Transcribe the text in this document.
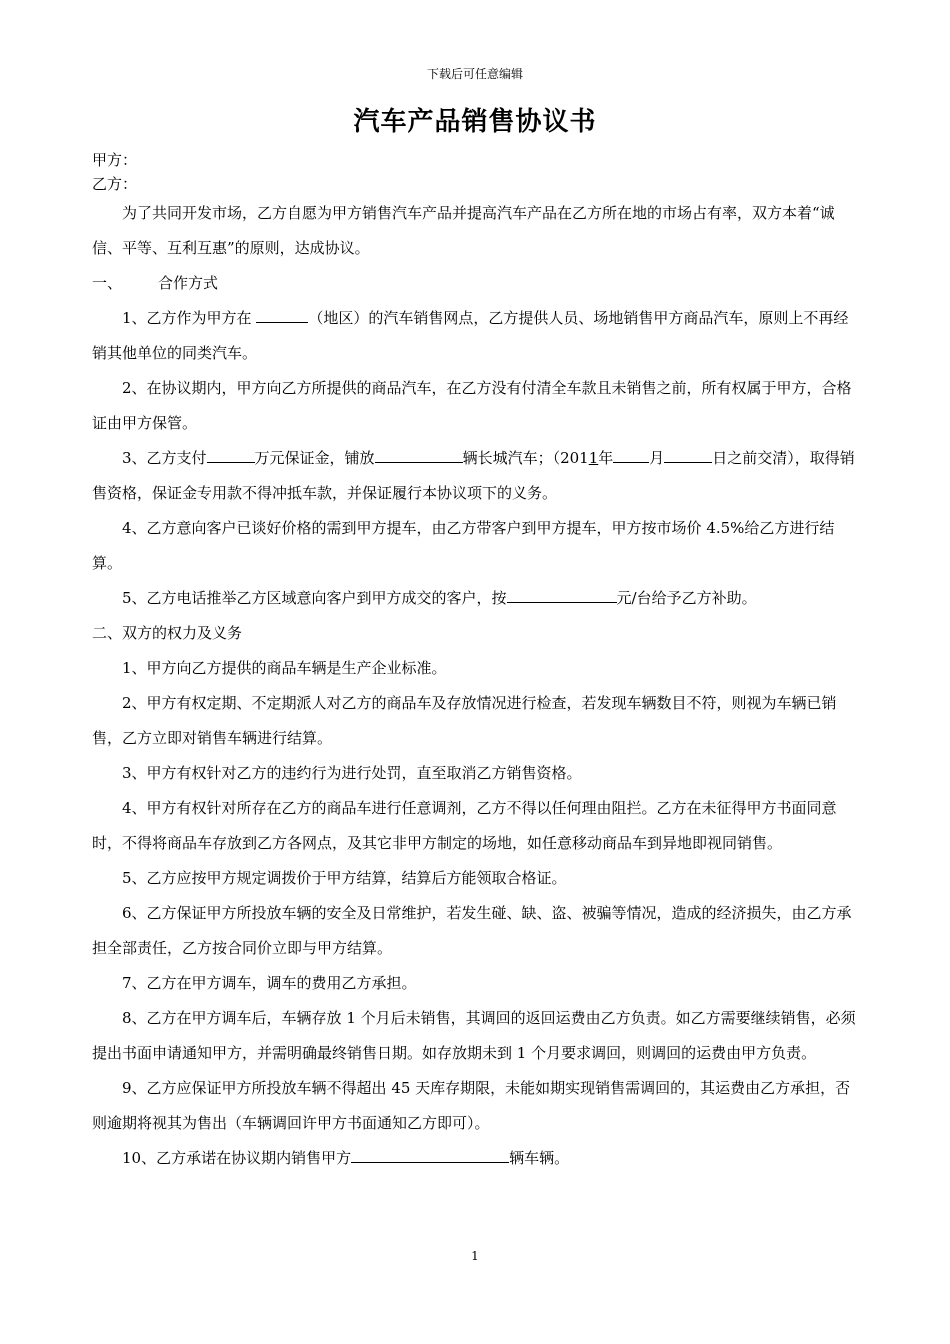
下载后可任意编辑
汽车产品销售协议书
甲方：
乙方：

为了共同开发市场，乙方自愿为甲方销售汽车产品并提高汽车产品在乙方所在地的市场占有率，双方本着“诚信、平等、互利互惠”的原则，达成协议。

一、 合作方式

1、乙方作为甲方在	（地区）的汽车销售网点，乙方提供人员、场地销售甲方商品汽车，原则上不再经销其他单位的同类汽车。

2、在协议期内，甲方向乙方所提供的商品汽车，在乙方没有付清全车款且未销售之前，所有权属于甲方，合格证由甲方保管。

3、乙方支付	万元保证金，铺放	辆长城汽车；（2011年 月	日之前交清），取得销售资格，保证金专用款不得冲抵车款，并保证履行本协议项下的义务。

4、乙方意向客户已谈好价格的需到甲方提车，由乙方带客户到甲方提车，甲方按市场价 4.5%给乙方进行结算。

5、乙方电话推举乙方区域意向客户到甲方成交的客户，按	元/台给予乙方补助。

二、双方的权力及义务

1、甲方向乙方提供的商品车辆是生产企业标准。

2、甲方有权定期、不定期派人对乙方的商品车及存放情况进行检查，若发现车辆数目不符，则视为车辆已销售，乙方立即对销售车辆进行结算。

3、甲方有权针对乙方的违约行为进行处罚，直至取消乙方销售资格。

4、甲方有权针对所存在乙方的商品车进行任意调剂，乙方不得以任何理由阻拦。乙方在未征得甲方书面同意时，不得将商品车存放到乙方各网点，及其它非甲方制定的场地，如任意移动商品车到异地即视同销售。

5、乙方应按甲方规定调拨价于甲方结算，结算后方能领取合格证。

6、乙方保证甲方所投放车辆的安全及日常维护，若发生碰、缺、盗、被骗等情况，造成的经济损失，由乙方承担全部责任，乙方按合同价立即与甲方结算。

7、乙方在甲方调车，调车的费用乙方承担。

8、乙方在甲方调车后，车辆存放 1 个月后未销售，其调回的返回运费由乙方负责。如乙方需要继续销售，必须提出书面申请通知甲方，并需明确最终销售日期。如存放期未到 1 个月要求调回，则调回的运费由甲方负责。

9、乙方应保证甲方所投放车辆不得超出 45 天库存期限，未能如期实现销售需调回的，其运费由乙方承担，否则逾期将视其为售出（车辆调回许甲方书面通知乙方即可）。

10、乙方承诺在协议期内销售甲方	辆车辆。

1
